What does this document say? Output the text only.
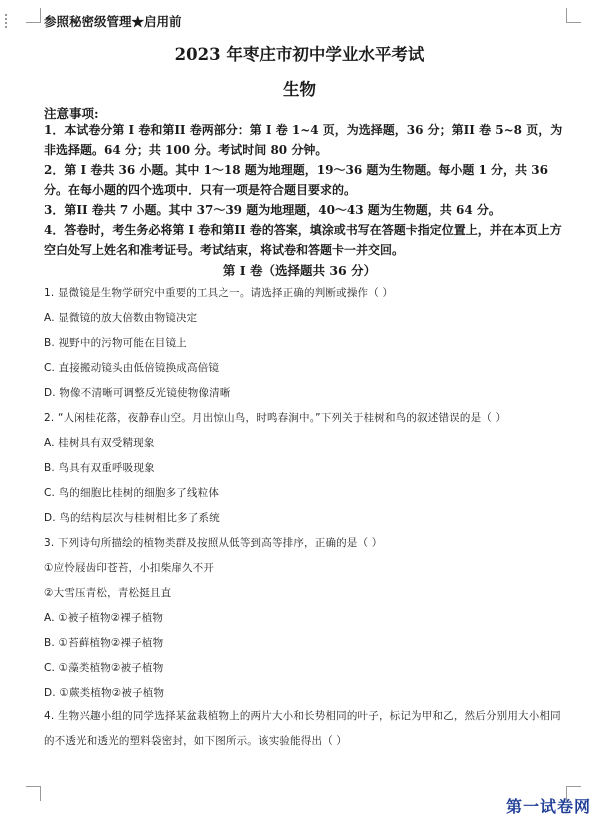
参照秘密级管理★启用前
2023 年枣庄市初中学业水平考试
生物
注意事项:
1．本试卷分第 I 卷和第II 卷两部分：第 I 卷 1~4 页，为选择题，36 分；第II 卷 5~8 页，为非选择题。64 分；共 100 分。考试时间 80 分钟。
2．第 I 卷共 36 小题。其中 1～18 题为地理题，19～36 题为生物题。每小题 1 分，共 36 分。在每小题的四个选项中．只有一项是符合题目要求的。
3．第II 卷共 7 小题。其中 37～39 题为地理题，40～43 题为生物题，共 64 分。
4．答卷时，考生务必将第 I 卷和第II 卷的答案，填涂或书写在答题卡指定位置上，并在本页上方空白处写上姓名和准考证号。考试结束，将试卷和答题卡一并交回。
第 I 卷（选择题共 36 分）
1. 显微镜是生物学研究中重要的工具之一。请选择正确的判断或操作（ ）
A. 显微镜的放大倍数由物镜决定
B. 视野中的污物可能在目镜上
C. 直接搬动镜头由低倍镜换成高倍镜
D. 物像不清晰可调整反光镜使物像清晰
2. “人闲桂花落，夜静春山空。月出惊山鸟，时鸣春涧中。”下列关于桂树和鸟的叙述错误的是（ ）
A. 桂树具有双受精现象
B. 鸟具有双重呼吸现象
C. 鸟的细胞比桂树的细胞多了线粒体
D. 鸟的结构层次与桂树相比多了系统
3. 下列诗句所描绘的植物类群及按照从低等到高等排序，正确的是（ ）
①应怜屐齿印苍苔，小扣柴扉久不开
②大雪压青松，青松挺且直
A. ①被子植物②裸子植物
B. ①苔藓植物②裸子植物
C. ①藻类植物②被子植物
D. ①蕨类植物②被子植物
4. 生物兴趣小组的同学选择某盆栽植物上的两片大小和长势相同的叶子，标记为甲和乙，然后分别用大小相同的不透光和透光的塑料袋密封，如下图所示。该实验能得出（ ）
第一试卷网
